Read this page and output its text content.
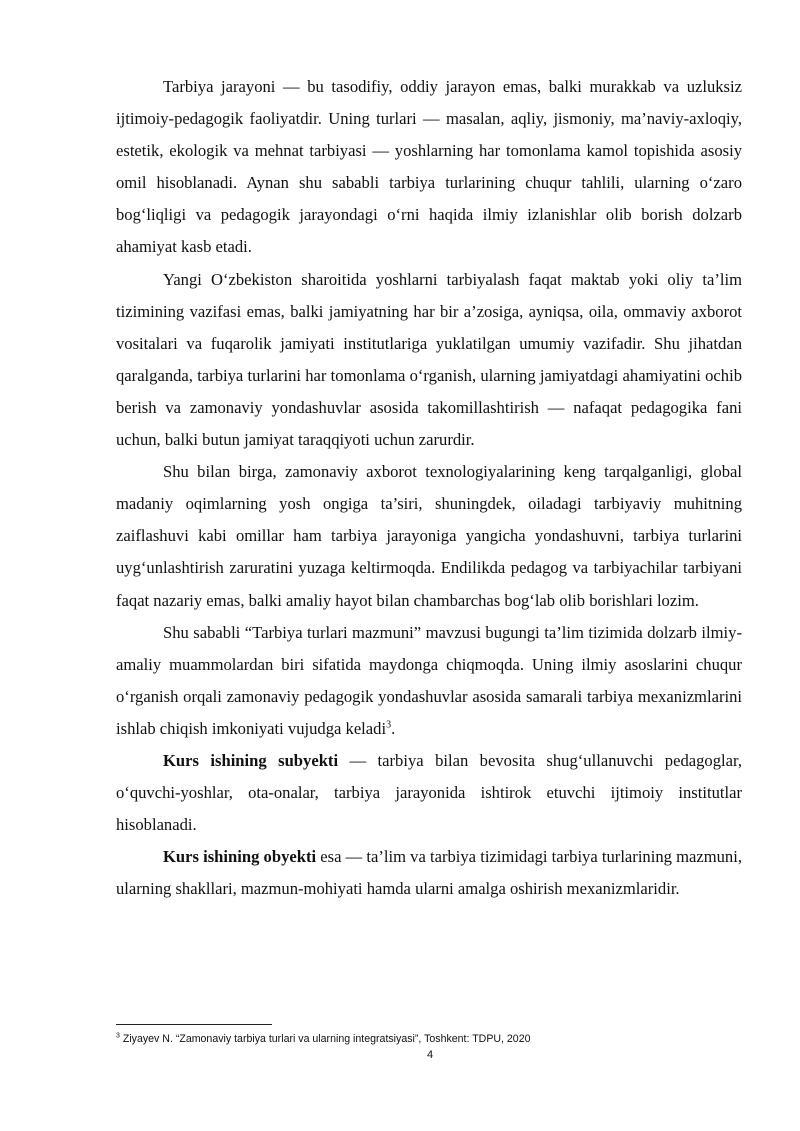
Tarbiya jarayoni — bu tasodifiy, oddiy jarayon emas, balki murakkab va uzluksiz ijtimoiy-pedagogik faoliyatdir. Uning turlari — masalan, aqliy, jismoniy, ma’naviy-axloqiy, estetik, ekologik va mehnat tarbiyasi — yoshlarning har tomonlama kamol topishida asosiy omil hisoblanadi. Aynan shu sababli tarbiya turlarining chuqur tahlili, ularning o‘zaro bog‘liqligi va pedagogik jarayondagi o‘rni haqida ilmiy izlanishlar olib borish dolzarb ahamiyat kasb etadi.

Yangi O‘zbekiston sharoitida yoshlarni tarbiyalash faqat maktab yoki oliy ta’lim tizimining vazifasi emas, balki jamiyatning har bir a’zosiga, ayniqsa, oila, ommaviy axborot vositalari va fuqarolik jamiyati institutlariga yuklatilgan umumiy vazifadir. Shu jihatdan qaralganda, tarbiya turlarini har tomonlama o‘rganish, ularning jamiyatdagi ahamiyatini ochib berish va zamonaviy yondashuvlar asosida takomillashtirish — nafaqat pedagogika fani uchun, balki butun jamiyat taraqqiyoti uchun zarurdir.

Shu bilan birga, zamonaviy axborot texnologiyalarining keng tarqalganligi, global madaniy oqimlarning yosh ongiga ta’siri, shuningdek, oiladagi tarbiyaviy muhitning zaiflashuvi kabi omillar ham tarbiya jarayoniga yangicha yondashuvni, tarbiya turlarini uyg‘unlashtirish zaruratini yuzaga keltirmoqda. Endilikda pedagog va tarbiyachilar tarbiyani faqat nazariy emas, balki amaliy hayot bilan chambarchas bog‘lab olib borishlari lozim.

Shu sababli “Tarbiya turlari mazmuni” mavzusi bugungi ta’lim tizimida dolzarb ilmiy-amaliy muammolardan biri sifatida maydonga chiqmoqda. Uning ilmiy asoslarini chuqur o‘rganish orqali zamonaviy pedagogik yondashuvlar asosida samarali tarbiya mexanizmlarini ishlab chiqish imkoniyati vujudga keladi$^3$.

Kurs ishining subyekti — tarbiya bilan bevosita shug‘ullanuvchi pedagoglar, o‘quvchi-yoshlar, ota-onalar, tarbiya jarayonida ishtirok etuvchi ijtimoiy institutlar hisoblanadi.

Kurs ishining obyekti esa — ta’lim va tarbiya tizimidagi tarbiya turlarining mazmuni, ularning shakllari, mazmun-mohiyati hamda ularni amalga oshirish mexanizmlaridir.

$^3$ Ziyayev N. “Zamonaviy tarbiya turlari va ularning integratsiyasi”, Toshkent: TDPU, 2020
4
